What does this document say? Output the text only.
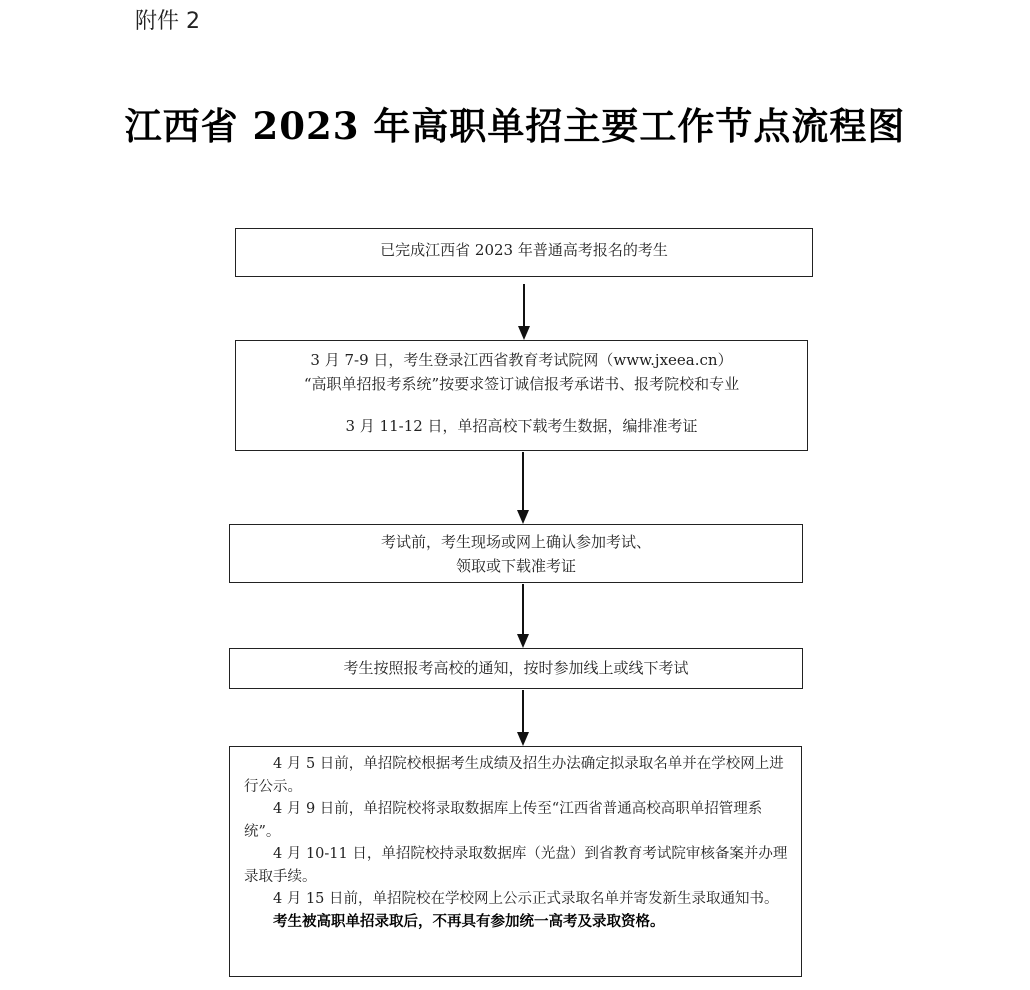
附件 2
江西省 2023 年高职单招主要工作节点流程图
已完成江西省 2023 年普通高考报名的考生
3 月 7-9 日，考生登录江西省教育考试院网（www.jxeea.cn）
“高职单招报考系统”按要求签订诚信报考承诺书、报考院校和专业
3 月 11-12 日，单招高校下载考生数据，编排准考证
考试前，考生现场或网上确认参加考试、
领取或下载准考证
考生按照报考高校的通知，按时参加线上或线下考试

4 月 5 日前，单招院校根据考生成绩及招生办法确定拟录取名单并在学校网上进行公示。

4 月 9 日前，单招院校将录取数据库上传至“江西省普通高校高职单招管理系统”。

4 月 10-11 日，单招院校持录取数据库（光盘）到省教育考试院审核备案并办理录取手续。

4 月 15 日前，单招院校在学校网上公示正式录取名单并寄发新生录取通知书。

考生被高职单招录取后，不再具有参加统一高考及录取资格。
